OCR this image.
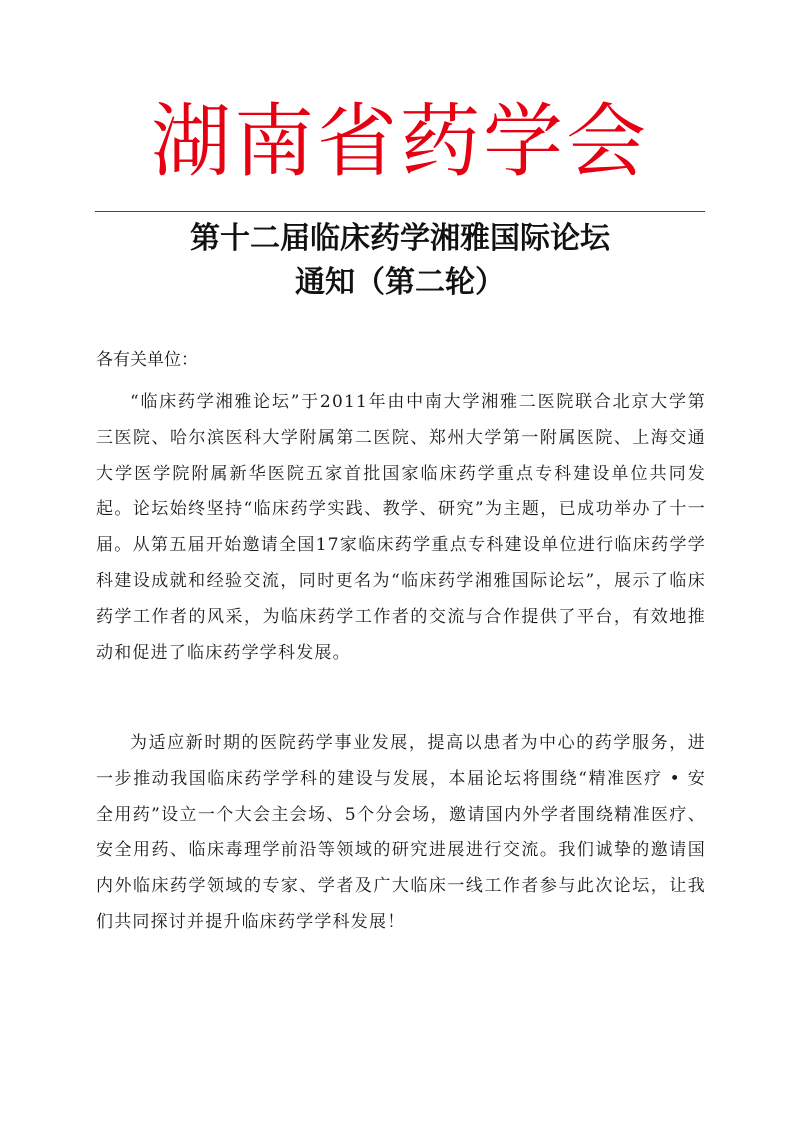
湖南省药学会
第十二届临床药学湘雅国际论坛
通知（第二轮）
各有关单位：
“临床药学湘雅论坛”于2011年由中南大学湘雅二医院联合北京大学第三医院、哈尔滨医科大学附属第二医院、郑州大学第一附属医院、上海交通大学医学院附属新华医院五家首批国家临床药学重点专科建设单位共同发起。论坛始终坚持“临床药学实践、教学、研究”为主题，已成功举办了十一届。从第五届开始邀请全国17家临床药学重点专科建设单位进行临床药学学科建设成就和经验交流，同时更名为“临床药学湘雅国际论坛”，展示了临床药学工作者的风采，为临床药学工作者的交流与合作提供了平台，有效地推动和促进了临床药学学科发展。
为适应新时期的医院药学事业发展，提高以患者为中心的药学服务，进一步推动我国临床药学学科的建设与发展，本届论坛将围绕“精准医疗 • 安全用药”设立一个大会主会场、5个分会场，邀请国内外学者围绕精准医疗、安全用药、临床毒理学前沿等领域的研究进展进行交流。我们诚挚的邀请国内外临床药学领域的专家、学者及广大临床一线工作者参与此次论坛，让我们共同探讨并提升临床药学学科发展！
